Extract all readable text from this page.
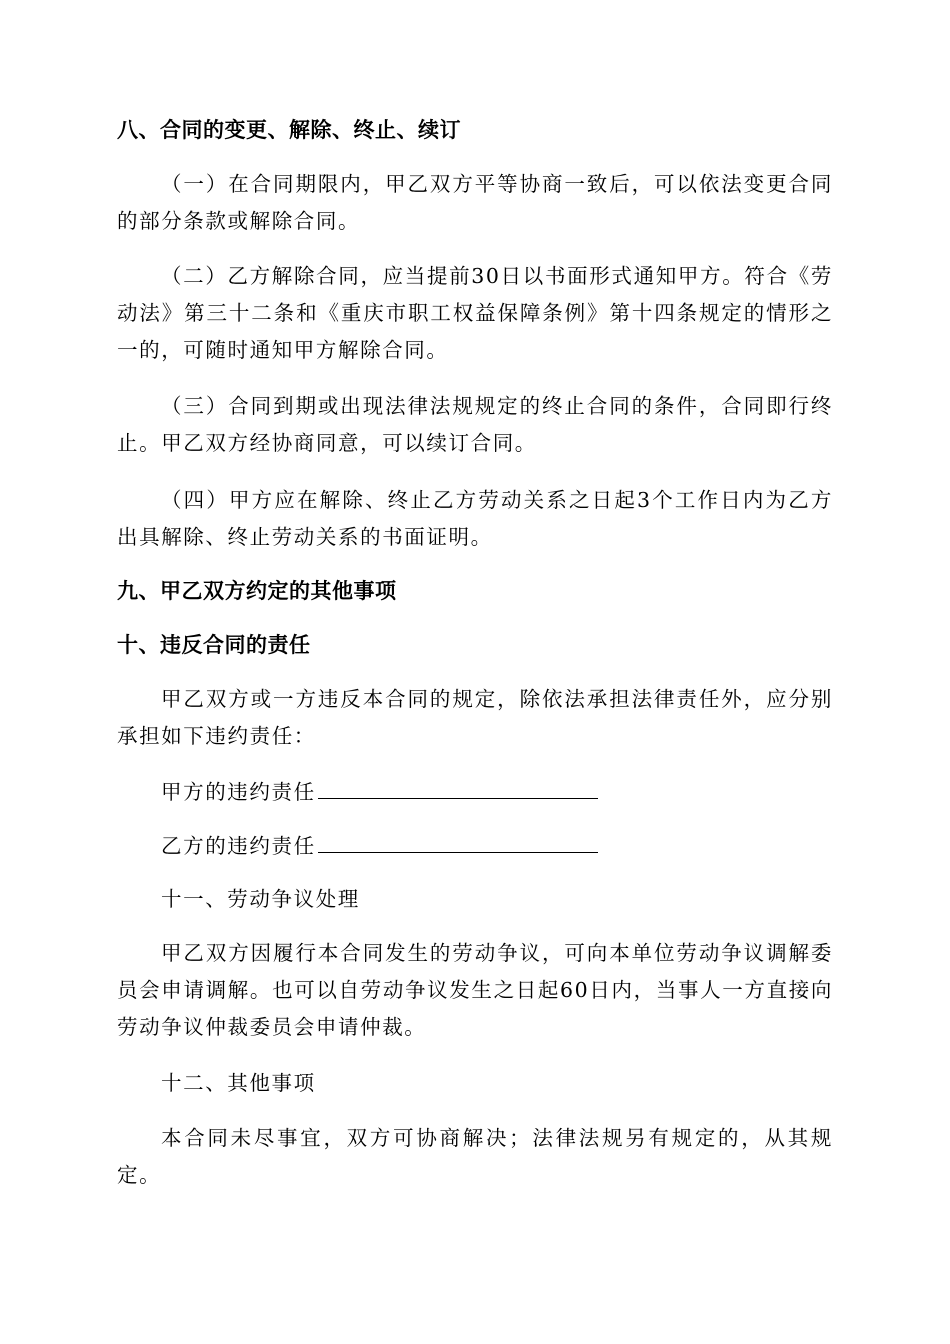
八、合同的变更、解除、终止、续订
（一）在合同期限内，甲乙双方平等协商一致后，可以依法变更合同的部分条款或解除合同。
（二）乙方解除合同，应当提前30日以书面形式通知甲方。符合《劳动法》第三十二条和《重庆市职工权益保障条例》第十四条规定的情形之一的，可随时通知甲方解除合同。
（三）合同到期或出现法律法规规定的终止合同的条件，合同即行终止。甲乙双方经协商同意，可以续订合同。
（四）甲方应在解除、终止乙方劳动关系之日起3个工作日内为乙方出具解除、终止劳动关系的书面证明。
九、甲乙双方约定的其他事项
十、违反合同的责任
甲乙双方或一方违反本合同的规定，除依法承担法律责任外，应分别承担如下违约责任：
甲方的违约责任
乙方的违约责任
十一、劳动争议处理
甲乙双方因履行本合同发生的劳动争议，可向本单位劳动争议调解委员会申请调解。也可以自劳动争议发生之日起60日内，当事人一方直接向劳动争议仲裁委员会申请仲裁。
十二、其他事项
本合同未尽事宜，双方可协商解决；法律法规另有规定的，从其规定。
